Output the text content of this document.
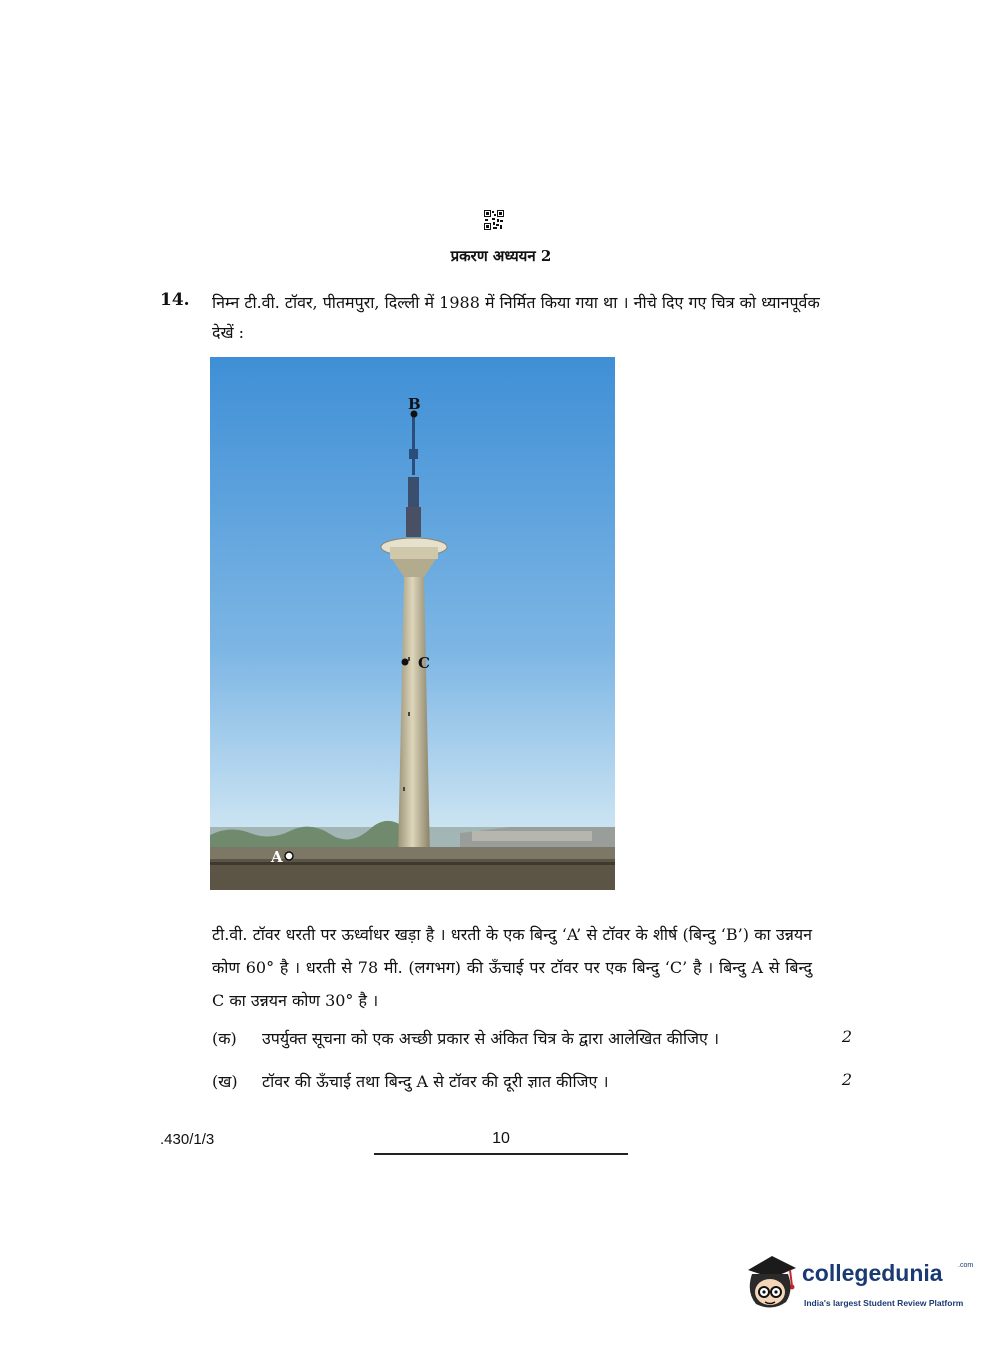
प्रकरण अध्ययन 2
14. निम्न टी.वी. टॉवर, पीतमपुरा, दिल्ली में 1988 में निर्मित किया गया था । नीचे दिए गए चित्र को ध्यानपूर्वक देखें :
B
C
A
टी.वी. टॉवर धरती पर ऊर्ध्वाधर खड़ा है । धरती के एक बिन्दु ‘A’ से टॉवर के शीर्ष (बिन्दु ‘B’) का उन्नयन कोण 60° है । धरती से 78 मी. (लगभग) की ऊँचाई पर टॉवर पर एक बिन्दु ‘C’ है । बिन्दु A से बिन्दु C का उन्नयन कोण 30° है ।
(क) उपर्युक्त सूचना को एक अच्छी प्रकार से अंकित चित्र के द्वारा आलेखित कीजिए ।	2
(ख) टॉवर की ऊँचाई तथा बिन्दु A से टॉवर की दूरी ज्ञात कीजिए ।	2
.430/1/3	10
collegedunia .com
India's largest Student Review Platform
